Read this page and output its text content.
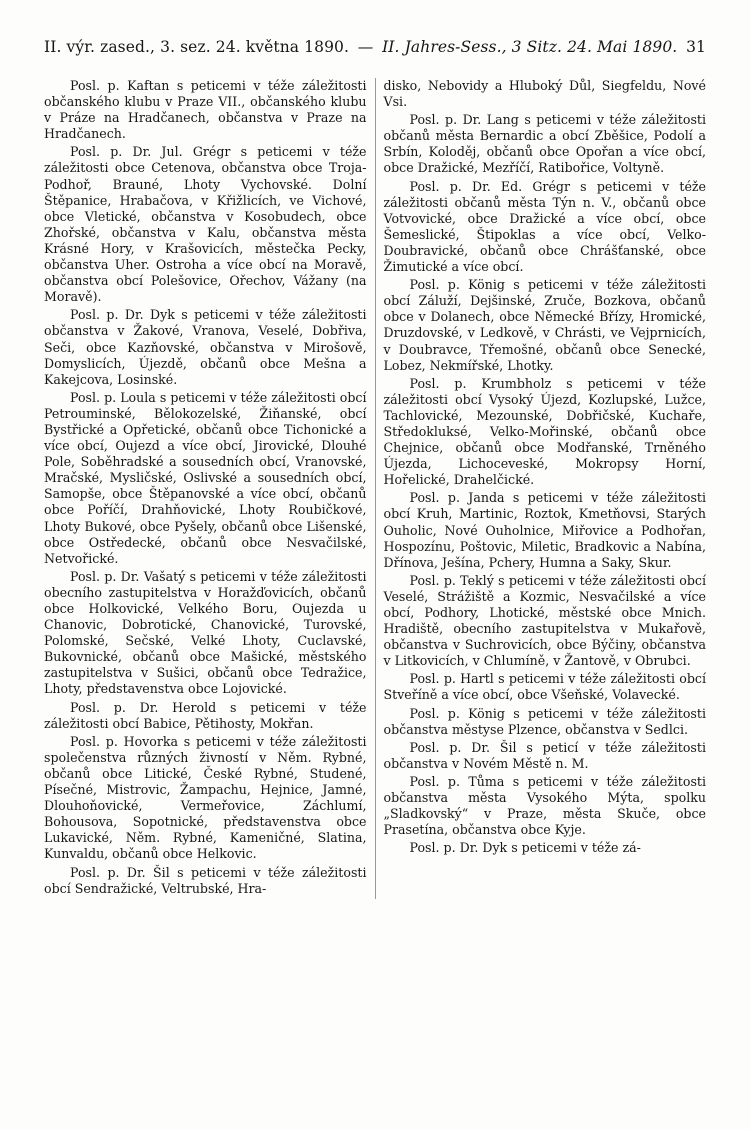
II. výr. zased., 3. sez. 24. května 1890. — II. Jahres-Sess., 3 Sitz. 24. Mai 1890. 31

Posl. p. Kaftan s peticemi v téže záležitosti občanského klubu v Praze VII., občanského klubu v Práze na Hradčanech, občanstva v Praze na Hradčanech.

Posl. p. Dr. Jul. Grégr s peticemi v téže záležitosti obce Cetenova, občanstva obce Troja-Podhoř, Brauné, Lhoty Vychovské. Dolní Štěpanice, Hrabačova, v Křižlicích, ve Vichové, obce Vletické, občanstva v Kosobudech, obce Zhořské, občanstva v Kalu, občanstva města Krásné Hory, v Krašovicích, městečka Pecky, občanstva Uher. Ostroha a více obcí na Moravě, občanstva obcí Polešovice, Ořechov, Vážany (na Moravě).

Posl. p. Dr. Dyk s peticemi v téže záležitosti občanstva v Žakové, Vranova, Veselé, Dobřiva, Seči, obce Kazňovské, občanstva v Mirošově, Domyslicích, Újezdě, občanů obce Mešna a Kakejcova, Losinské.

Posl. p. Loula s peticemi v téže záležitosti obcí Petrouminské, Bělokozelské, Žiňanské, obcí Bystřické a Opřetické, občanů obce Tichonické a více obcí, Oujezd a více obcí, Jirovické, Dlouhé Pole, Soběhradské a sousedních obcí, Vranovské, Mračské, Mysličské, Oslivské a sousedních obcí, Samopše, obce Štěpanovské a více obcí, občanů obce Poříčí, Drahňovické, Lhoty Roubičkové, Lhoty Bukové, obce Pyšely, občanů obce Lišenské, obce Ostředecké, občanů obce Nesvačilské, Netvořické.

Posl. p. Dr. Vašatý s peticemi v téže záležitosti obecního zastupitelstva v Horažďovicích, občanů obce Holkovické, Velkého Boru, Oujezda u Chanovic, Dobrotické, Chanovické, Turovské, Polomské, Sečské, Velké Lhoty, Cuclavské, Bukovnické, občanů obce Mašické, městského zastupitelstva v Sušici, občanů obce Tedražice, Lhoty, představenstva obce Lojovické.

Posl. p. Dr. Herold s peticemi v téže záležitosti obcí Babice, Pětihosty, Mokřan.

Posl. p. Hovorka s peticemi v téže záležitosti společenstva různých živností v Něm. Rybné, občanů obce Litické, České Rybné, Studené, Písečné, Mistrovic, Žampachu, Hejnice, Jamné, Dlouhoňovické, Vermeřovice, Záchlumí, Bohousova, Sopotnické, představenstva obce Lukavické, Něm. Rybné, Kameničné, Slatina, Kunvaldu, občanů obce Helkovic.

Posl. p. Dr. Šil s peticemi v téže záležitosti obcí Sendražické, Veltrubské, Hra-

disko, Nebovidy a Hluboký Důl, Siegfeldu, Nové Vsi.

Posl. p. Dr. Lang s peticemi v téže záležitosti občanů města Bernardic a obcí Zběšice, Podolí a Srbín, Koloděj, občanů obce Opořan a více obcí, obce Dražické, Mezříčí, Ratibořice, Voltyně.

Posl. p. Dr. Ed. Grégr s peticemi v téže záležitosti občanů města Týn n. V., občanů obce Votvovické, obce Dražické a více obcí, obce Šemeslické, Štipoklas a více obcí, Velko-Doubravické, občanů obce Chrášťanské, obce Žimutické a více obcí.

Posl. p. König s peticemi v téže záležitosti obcí Záluží, Dejšinské, Zruče, Bozkova, občanů obce v Dolanech, obce Německé Břízy, Hromické, Druzdovské, v Ledkově, v Chrásti, ve Vejprnicích, v Doubravce, Třemošné, občanů obce Senecké, Lobez, Nekmířské, Lhotky.

Posl. p. Krumbholz s peticemi v téže záležitosti obcí Vysoký Újezd, Kozlupské, Lužce, Tachlovické, Mezounské, Dobřičské, Kuchaře, Středokluksé, Velko-Mořinské, občanů obce Chejnice, občanů obce Modřanské, Trněného Újezda, Lichoceveské, Mokropsy Horní, Hořelické, Drahelčické.

Posl. p. Janda s peticemi v téže záležitosti obcí Kruh, Martinic, Roztok, Kmetňovsi, Starých Ouholic, Nové Ouholnice, Miřovice a Podhořan, Hospozínu, Poštovic, Miletic, Bradkovic a Nabína, Dřínova, Ješína, Pchery, Humna a Saky, Skur.

Posl. p. Teklý s peticemi v téže záležitosti obcí Veselé, Strážiště a Kozmic, Nesvačilské a více obcí, Podhory, Lhotické, městské obce Mnich. Hradiště, obecního zastupitelstva v Mukařově, občanstva v Suchrovicích, obce Býčiny, občanstva v Litkovicích, v Chlumíně, v Žantově, v Obrubci.

Posl. p. Hartl s peticemi v téže záležitosti obcí Stveříně a více obcí, obce Všeňské, Volavecké.

Posl. p. König s peticemi v téže záležitosti občanstva městyse Plzence, občanstva v Sedlci.

Posl. p. Dr. Šil s peticí v téže záležitosti občanstva v Novém Městě n. M.

Posl. p. Tůma s peticemi v téže záležitosti občanstva města Vysokého Mýta, spolku „Sladkovský“ v Praze, města Skuče, obce Prasetína, občanstva obce Kyje.

Posl. p. Dr. Dyk s peticemi v téže zá-
